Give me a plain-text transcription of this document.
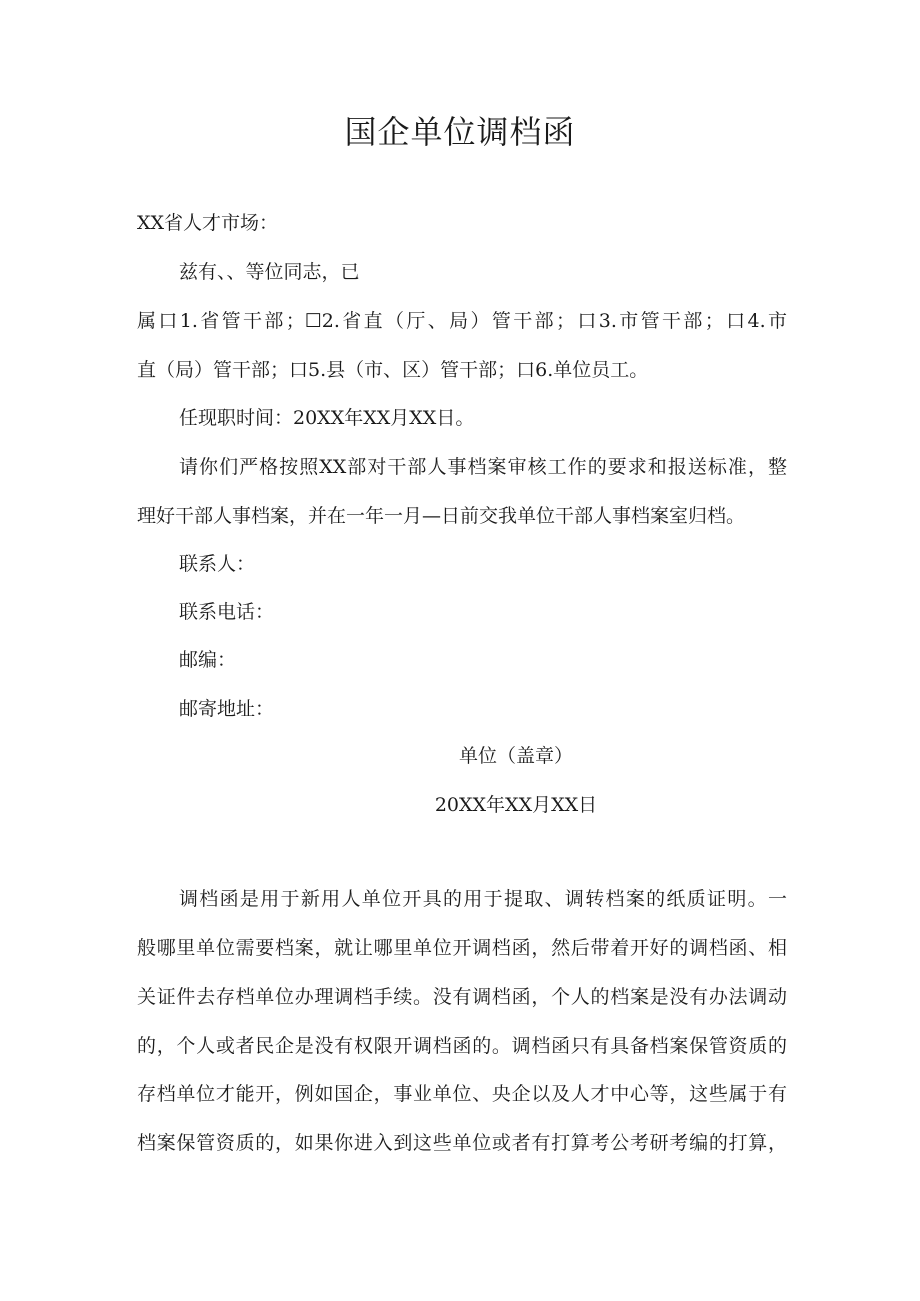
国企单位调档函

XX省人才市场：

兹有、、等位同志，已

属口1.省管干部；☐2.省直（厅、局）管干部；口3.市管干部；口4.市

直（局）管干部；口5.县（市、区）管干部；口6.单位员工。

任现职时间：20XX年XX月XX日。

请你们严格按照XX部对干部人事档案审核工作的要求和报送标准，整

理好干部人事档案，并在一年一月—日前交我单位干部人事档案室归档。

联系人：

联系电话：

邮编：

邮寄地址：

单位（盖章）

20XX年XX月XX日

调档函是用于新用人单位开具的用于提取、调转档案的纸质证明。一

般哪里单位需要档案，就让哪里单位开调档函，然后带着开好的调档函、相

关证件去存档单位办理调档手续。没有调档函，个人的档案是没有办法调动

的，个人或者民企是没有权限开调档函的。调档函只有具备档案保管资质的

存档单位才能开，例如国企，事业单位、央企以及人才中心等，这些属于有

档案保管资质的，如果你进入到这些单位或者有打算考公考研考编的打算，
